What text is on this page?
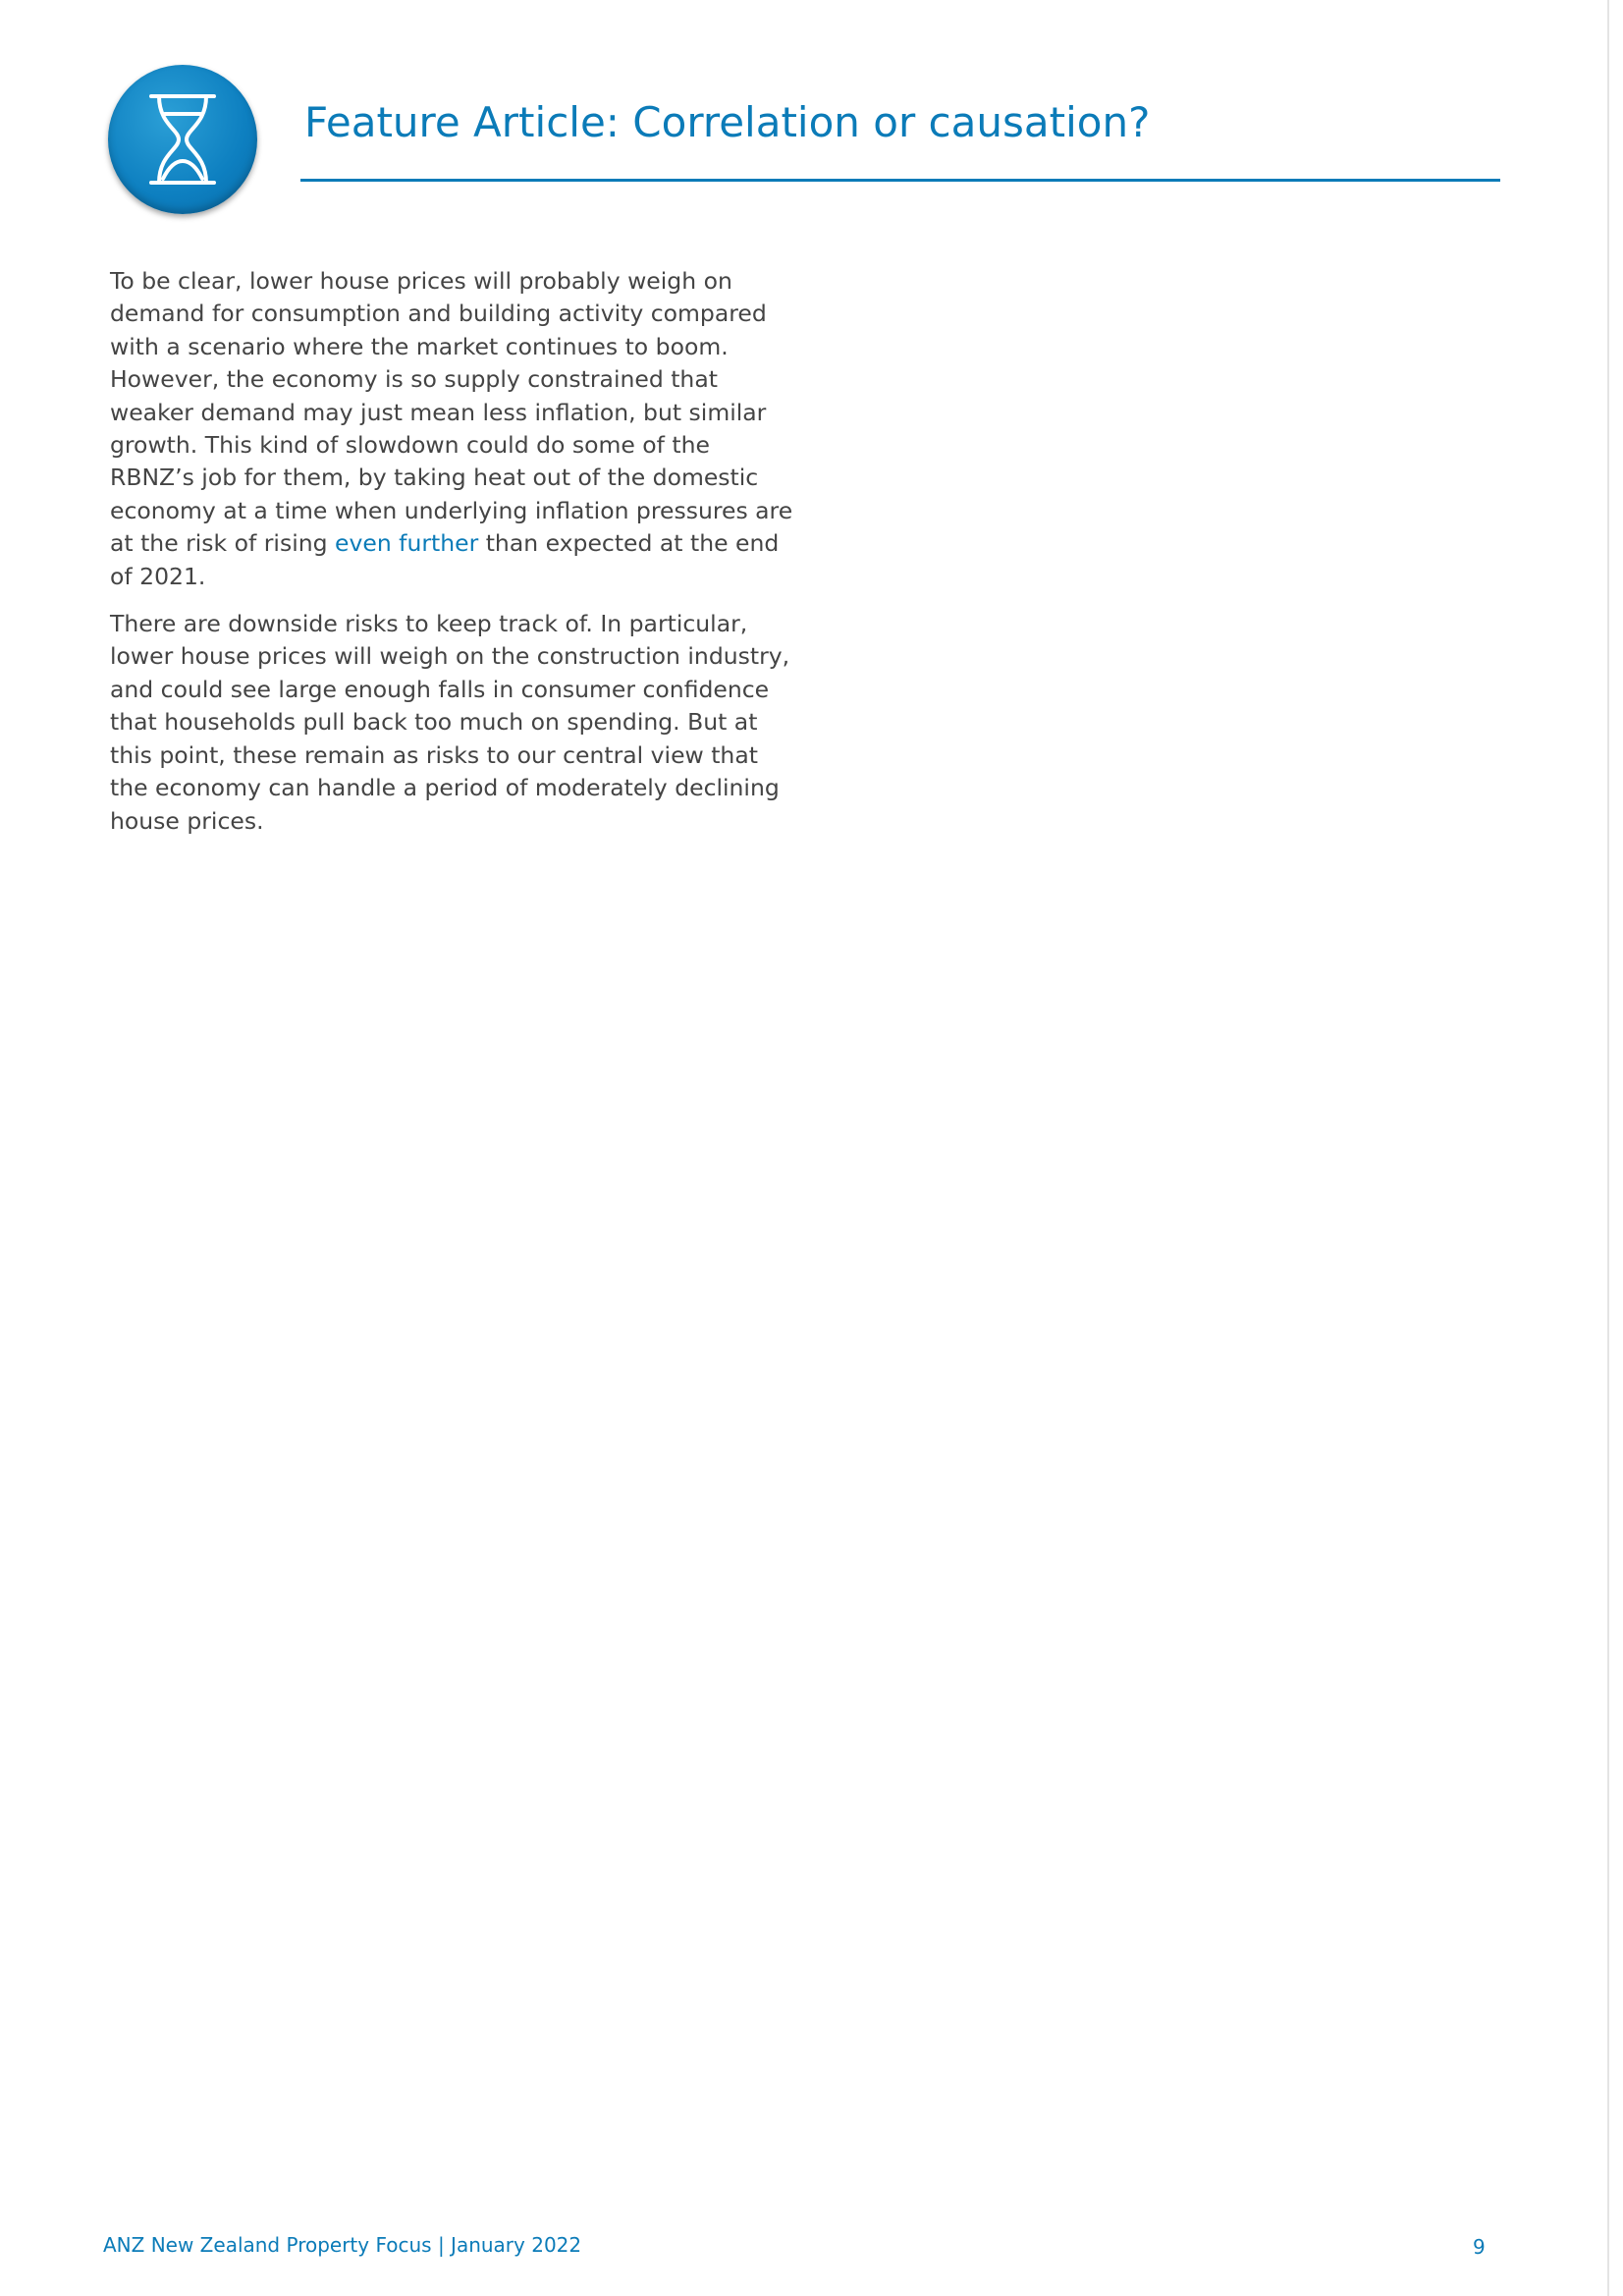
Feature Article: Correlation or causation?

To be clear, lower house prices will probably weigh on demand for consumption and building activity compared with a scenario where the market continues to boom. However, the economy is so supply constrained that weaker demand may just mean less inflation, but similar growth. This kind of slowdown could do some of the RBNZ’s job for them, by taking heat out of the domestic economy at a time when underlying inflation pressures are at the risk of rising even further than expected at the end of 2021.

There are downside risks to keep track of. In particular, lower house prices will weigh on the construction industry, and could see large enough falls in consumer confidence that households pull back too much on spending. But at this point, these remain as risks to our central view that the economy can handle a period of moderately declining house prices.

ANZ New Zealand Property Focus | January 2022	9
